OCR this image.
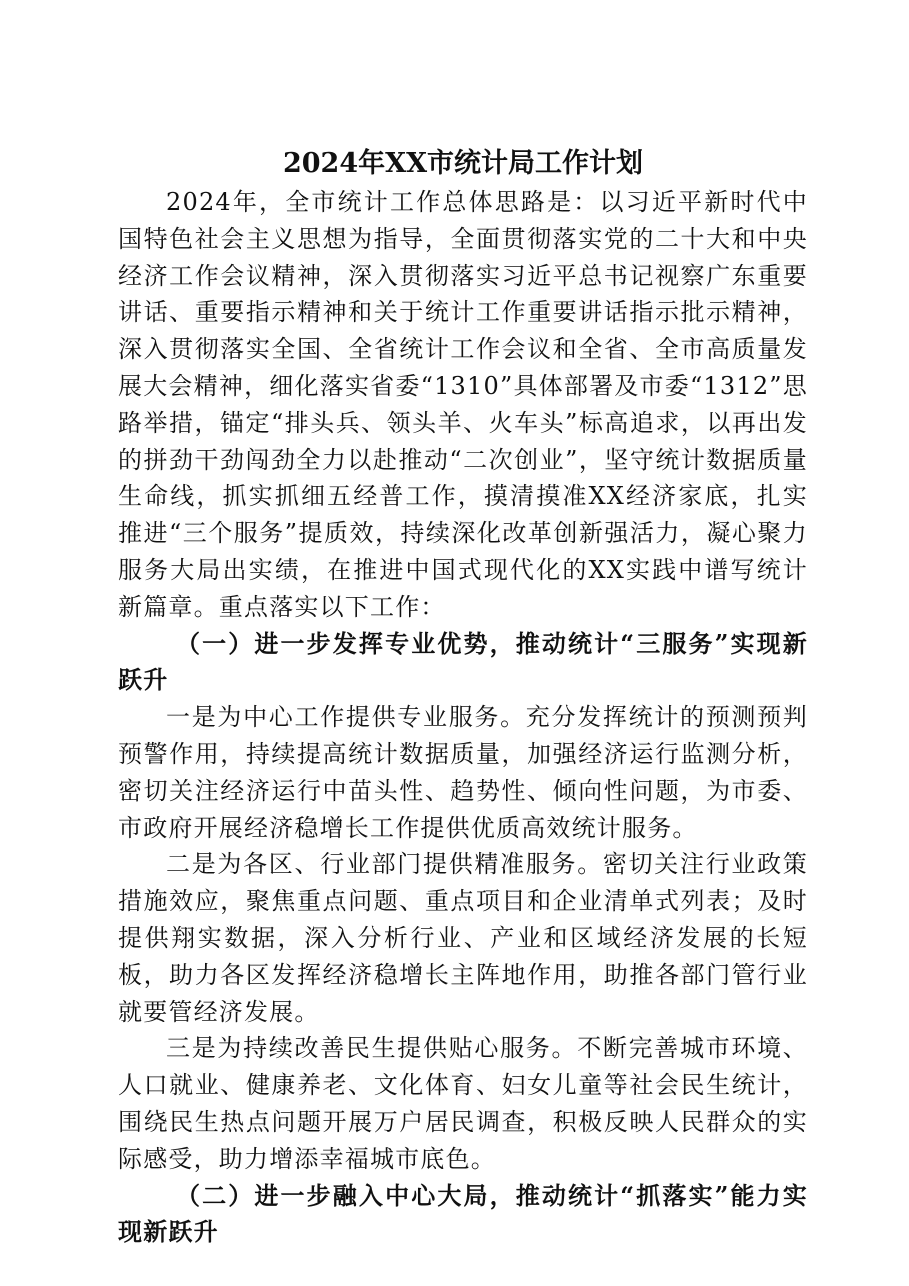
2024年XX市统计局工作计划

2024年，全市统计工作总体思路是：以习近平新时代中国特色社会主义思想为指导，全面贯彻落实党的二十大和中央经济工作会议精神，深入贯彻落实习近平总书记视察广东重要讲话、重要指示精神和关于统计工作重要讲话指示批示精神，深入贯彻落实全国、全省统计工作会议和全省、全市高质量发展大会精神，细化落实省委“1310”具体部署及市委“1312”思路举措，锚定“排头兵、领头羊、火车头”标高追求，以再出发的拼劲干劲闯劲全力以赴推动“二次创业”，坚守统计数据质量生命线，抓实抓细五经普工作，摸清摸准XX经济家底，扎实推进“三个服务”提质效，持续深化改革创新强活力，凝心聚力服务大局出实绩，在推进中国式现代化的XX实践中谱写统计新篇章。重点落实以下工作：

（一）进一步发挥专业优势，推动统计“三服务”实现新跃升

一是为中心工作提供专业服务。充分发挥统计的预测预判预警作用，持续提高统计数据质量，加强经济运行监测分析，密切关注经济运行中苗头性、趋势性、倾向性问题，为市委、市政府开展经济稳增长工作提供优质高效统计服务。

二是为各区、行业部门提供精准服务。密切关注行业政策措施效应，聚焦重点问题、重点项目和企业清单式列表；及时提供翔实数据，深入分析行业、产业和区域经济发展的长短板，助力各区发挥经济稳增长主阵地作用，助推各部门管行业就要管经济发展。

三是为持续改善民生提供贴心服务。不断完善城市环境、人口就业、健康养老、文化体育、妇女儿童等社会民生统计，围绕民生热点问题开展万户居民调查，积极反映人民群众的实际感受，助力增添幸福城市底色。

（二）进一步融入中心大局，推动统计“抓落实”能力实现新跃升
